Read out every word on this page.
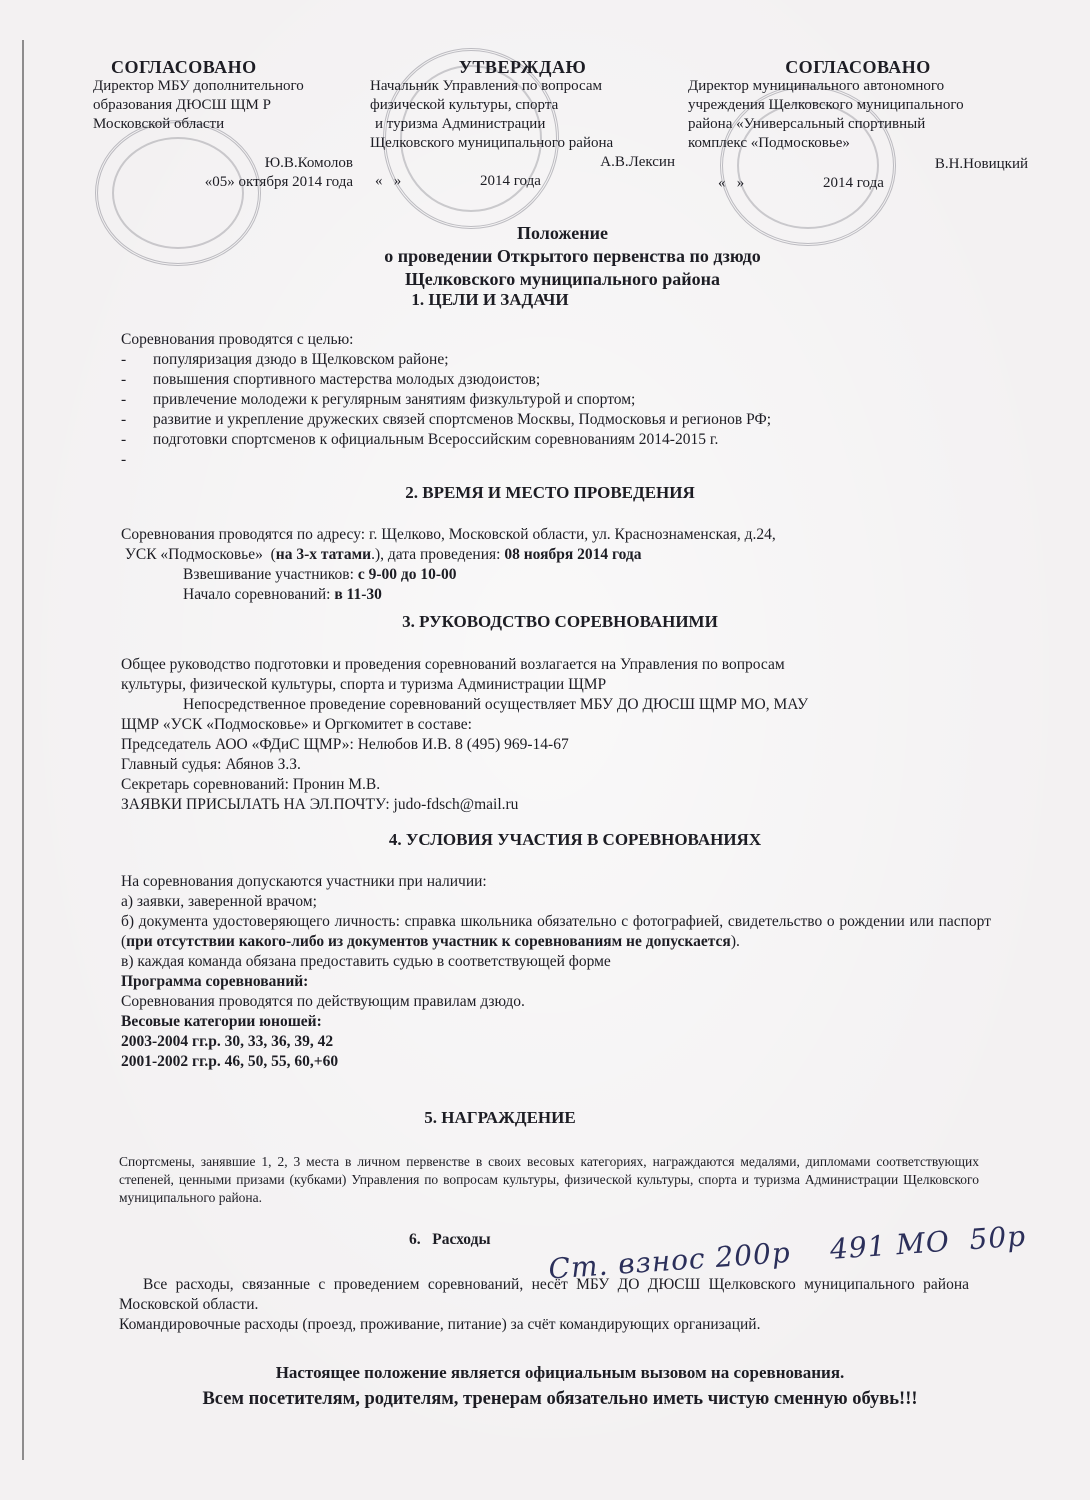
СОГЛАСОВАНО
Директор МБУ дополнительного
образования ДЮСШ ЩМ Р
Московской области
Ю.В.Комолов
«05» октября 2014 года
УТВЕРЖДАЮ
Начальник Управления по вопросам
физической культуры, спорта
и туризма Администрации
Щелковского муниципального района
А.В.Лексин
«   »                     2014 года
СОГЛАСОВАНО
Директор муниципального автономного
учреждения Щелковского муниципального
района «Универсальный спортивный
комплекс «Подмосковье»
В.Н.Новицкий
«   »                     2014 года
Положение
о проведении Открытого первенства по дзюдо
Щелковского муниципального района
1. ЦЕЛИ И ЗАДАЧИ
Соревнования проводятся с целью:
- популяризация дзюдо в Щелковском районе;
- повышения спортивного мастерства молодых дзюдоистов;
- привлечение молодежи к регулярным занятиям физкультурой и спортом;
- развитие и укрепление дружеских связей спортсменов Москвы, Подмосковья и регионов РФ;
- подготовки спортсменов к официальным Всероссийским соревнованиям 2014-2015 г.
-
2. ВРЕМЯ И МЕСТО ПРОВЕДЕНИЯ
Соревнования проводятся по адресу: г. Щелково, Московской области, ул. Краснознаменская, д.24,
УСК «Подмосковье»  (на 3-х татами.), дата проведения: 08 ноября 2014 года
Взвешивание участников: с 9-00 до 10-00
Начало соревнований: в 11-30
3. РУКОВОДСТВО СОРЕВНОВАНИМИ
Общее руководство подготовки и проведения соревнований возлагается на Управления по вопросам
культуры, физической культуры, спорта и туризма Администрации ЩМР
Непосредственное проведение соревнований осуществляет МБУ ДО ДЮСШ ЩМР МО, МАУ
ЩМР «УСК «Подмосковье» и Оргкомитет в составе:
Председатель АОО «ФДиС ЩМР»: Нелюбов И.В. 8 (495) 969-14-67
Главный судья: Абянов З.З.
Секретарь соревнований: Пронин М.В.
ЗАЯВКИ ПРИСЫЛАТЬ НА ЭЛ.ПОЧТУ: judo-fdsch@mail.ru
4. УСЛОВИЯ УЧАСТИЯ В СОРЕВНОВАНИЯХ
На соревнования допускаются участники при наличии:
а) заявки, заверенной врачом;
б) документа удостоверяющего личность: справка школьника обязательно с фотографией, свидетельство о рождении или паспорт (при отсутствии какого-либо из документов участник к соревнованиям не допускается).
в) каждая команда обязана предоставить судью в соответствующей форме
Программа соревнований:
Соревнования проводятся по действующим правилам дзюдо.
Весовые категории юношей:
2003-2004 гг.р. 30, 33, 36, 39, 42
2001-2002 гг.р. 46, 50, 55, 60,+60
5. НАГРАЖДЕНИЕ
Спортсмены, занявшие 1, 2, 3 места в личном первенстве в своих весовых категориях, награждаются медалями, дипломами соответствующих степеней, ценными призами (кубками) Управления по вопросам культуры, физической культуры, спорта и туризма Администрации Щелковского муниципального района.
6.   Расходы Ст. взнос 200р    491 МО  50р
Все расходы, связанные с проведением соревнований, несёт МБУ ДО ДЮСШ Щелковского муниципального района Московской области.
Командировочные расходы (проезд, проживание, питание) за счёт командирующих организаций.
Настоящее положение является официальным вызовом на соревнования.
Всем посетителям, родителям, тренерам обязательно иметь чистую сменную обувь!!!
